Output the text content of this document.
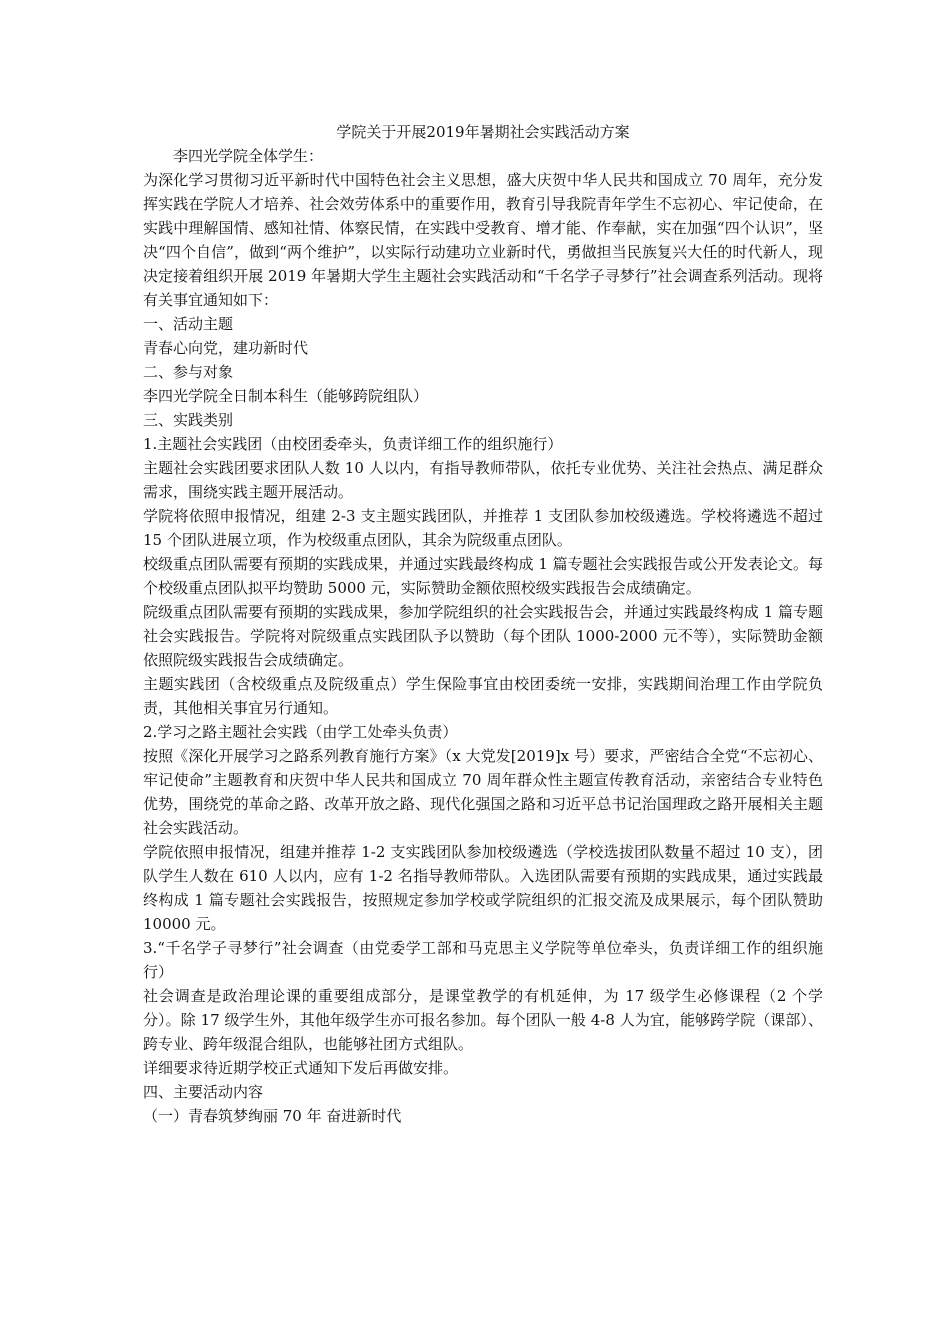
学院关于开展2019年暑期社会实践活动方案

李四光学院全体学生：

为深化学习贯彻习近平新时代中国特色社会主义思想，盛大庆贺中华人民共和国成立 70 周年，充分发挥实践在学院人才培养、社会效劳体系中的重要作用，教育引导我院青年学生不忘初心、牢记使命，在实践中理解国情、感知社情、体察民情，在实践中受教育、增才能、作奉献，实在加强“四个认识”，坚决“四个自信”，做到“两个维护”，以实际行动建功立业新时代，勇做担当民族复兴大任的时代新人，现决定接着组织开展 2019 年暑期大学生主题社会实践活动和“千名学子寻梦行”社会调查系列活动。现将有关事宜通知如下：

一、活动主题

青春心向党，建功新时代

二、参与对象

李四光学院全日制本科生（能够跨院组队）

三、实践类别

1.主题社会实践团（由校团委牵头，负责详细工作的组织施行）

主题社会实践团要求团队人数 10 人以内，有指导教师带队，依托专业优势、关注社会热点、满足群众需求，围绕实践主题开展活动。

学院将依照申报情况，组建 2-3 支主题实践团队，并推荐 1 支团队参加校级遴选。学校将遴选不超过 15 个团队进展立项，作为校级重点团队，其余为院级重点团队。

校级重点团队需要有预期的实践成果，并通过实践最终构成 1 篇专题社会实践报告或公开发表论文。每个校级重点团队拟平均赞助 5000 元，实际赞助金额依照校级实践报告会成绩确定。

院级重点团队需要有预期的实践成果，参加学院组织的社会实践报告会，并通过实践最终构成 1 篇专题社会实践报告。学院将对院级重点实践团队予以赞助（每个团队 1000-2000 元不等），实际赞助金额依照院级实践报告会成绩确定。

主题实践团（含校级重点及院级重点）学生保险事宜由校团委统一安排，实践期间治理工作由学院负责，其他相关事宜另行通知。

2.学习之路主题社会实践（由学工处牵头负责）

按照《深化开展学习之路系列教育施行方案》（x 大党发[2019]x 号）要求，严密结合全党“不忘初心、牢记使命”主题教育和庆贺中华人民共和国成立 70 周年群众性主题宣传教育活动，亲密结合专业特色优势，围绕党的革命之路、改革开放之路、现代化强国之路和习近平总书记治国理政之路开展相关主题社会实践活动。

学院依照申报情况，组建并推荐 1-2 支实践团队参加校级遴选（学校选拔团队数量不超过 10 支），团队学生人数在 610 人以内，应有 1-2 名指导教师带队。入选团队需要有预期的实践成果，通过实践最终构成 1 篇专题社会实践报告，按照规定参加学校或学院组织的汇报交流及成果展示，每个团队赞助 10000 元。

3.“千名学子寻梦行”社会调查（由党委学工部和马克思主义学院等单位牵头，负责详细工作的组织施行）

社会调查是政治理论课的重要组成部分，是课堂教学的有机延伸，为 17 级学生必修课程（2 个学分）。除 17 级学生外，其他年级学生亦可报名参加。每个团队一般 4-8 人为宜，能够跨学院（课部）、跨专业、跨年级混合组队，也能够社团方式组队。

详细要求待近期学校正式通知下发后再做安排。

四、主要活动内容

（一）青春筑梦绚丽 70 年 奋进新时代
